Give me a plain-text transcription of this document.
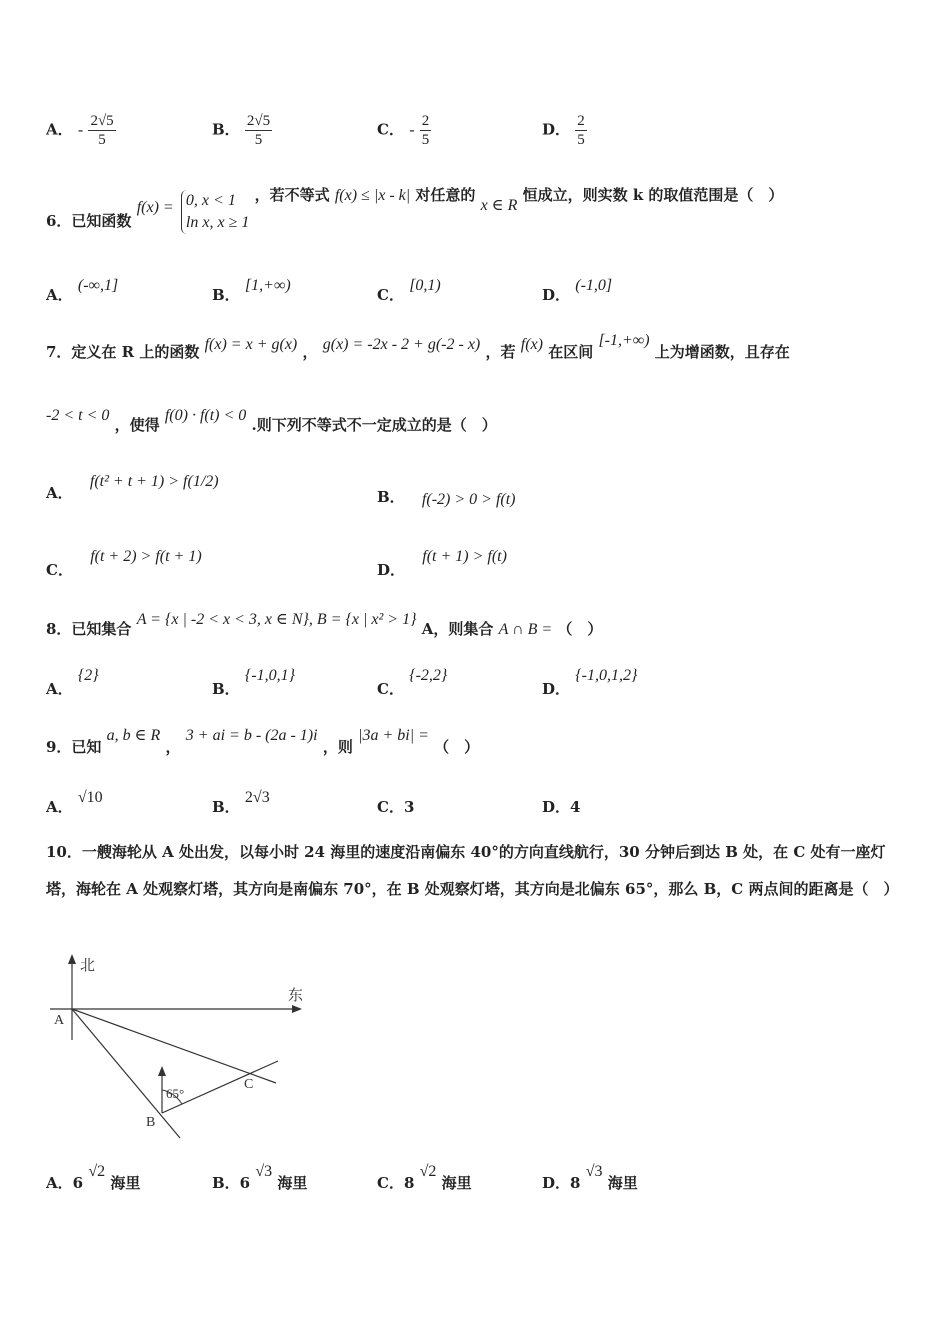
A． - $\frac{2√5}{5}$	B． $\frac{2√5}{5}$	C． - $\frac{2}{5}$	D． $\frac{2}{5}$
6．已知函数 f(x) = 0, x < 1
ln x, x ≥ 1
，若不等式 f(x) ≤ |x - k| 对任意的 x ∈ R 恒成立，则实数 k 的取值范围是（　）
A． (-∞,1]
B． [1,+∞)
C． [0,1)
D． (-1,0]
7．定义在 R 上的函数 f(x) = x + g(x) ， g(x) = -2x - 2 + g(-2 - x) ，若 f(x) 在区间 [-1,+∞) 上为增函数，且存在
-2 < t < 0 ，使得 f(0) · f(t) < 0 .则下列不等式不一定成立的是（　）
A． f(t² + t + 1) > f(1/2)
B． f(-2) > 0 > f(t)
C． f(t + 2) > f(t + 1)
D． f(t + 1) > f(t)
8．已知集合 A = {x | -2 < x < 3, x ∈ N}, B = {x | x² > 1} A，则集合 A ∩ B = （　）
A． {2}
B． {-1,0,1}
C． {-2,2}
D． {-1,0,1,2}
9．已知 a, b ∈ R ， 3 + ai = b - (2a - 1)i ，则 |3a + bi| = （　）
A． √10
B． 2√3
C．3	D．4
10．一艘海轮从 A 处出发，以每小时 24 海里的速度沿南偏东 40°的方向直线航行，30 分钟后到达 B 处，在 C 处有一座灯塔，海轮在 A 处观察灯塔，其方向是南偏东 70°，在 B 处观察灯塔，其方向是北偏东 65°，那么 B，C 两点间的距离是（　）
北
东
A
65°
B
C
A．6 √2 海里	B．6 √3 海里	C．8 √2 海里	D．8 √3 海里
